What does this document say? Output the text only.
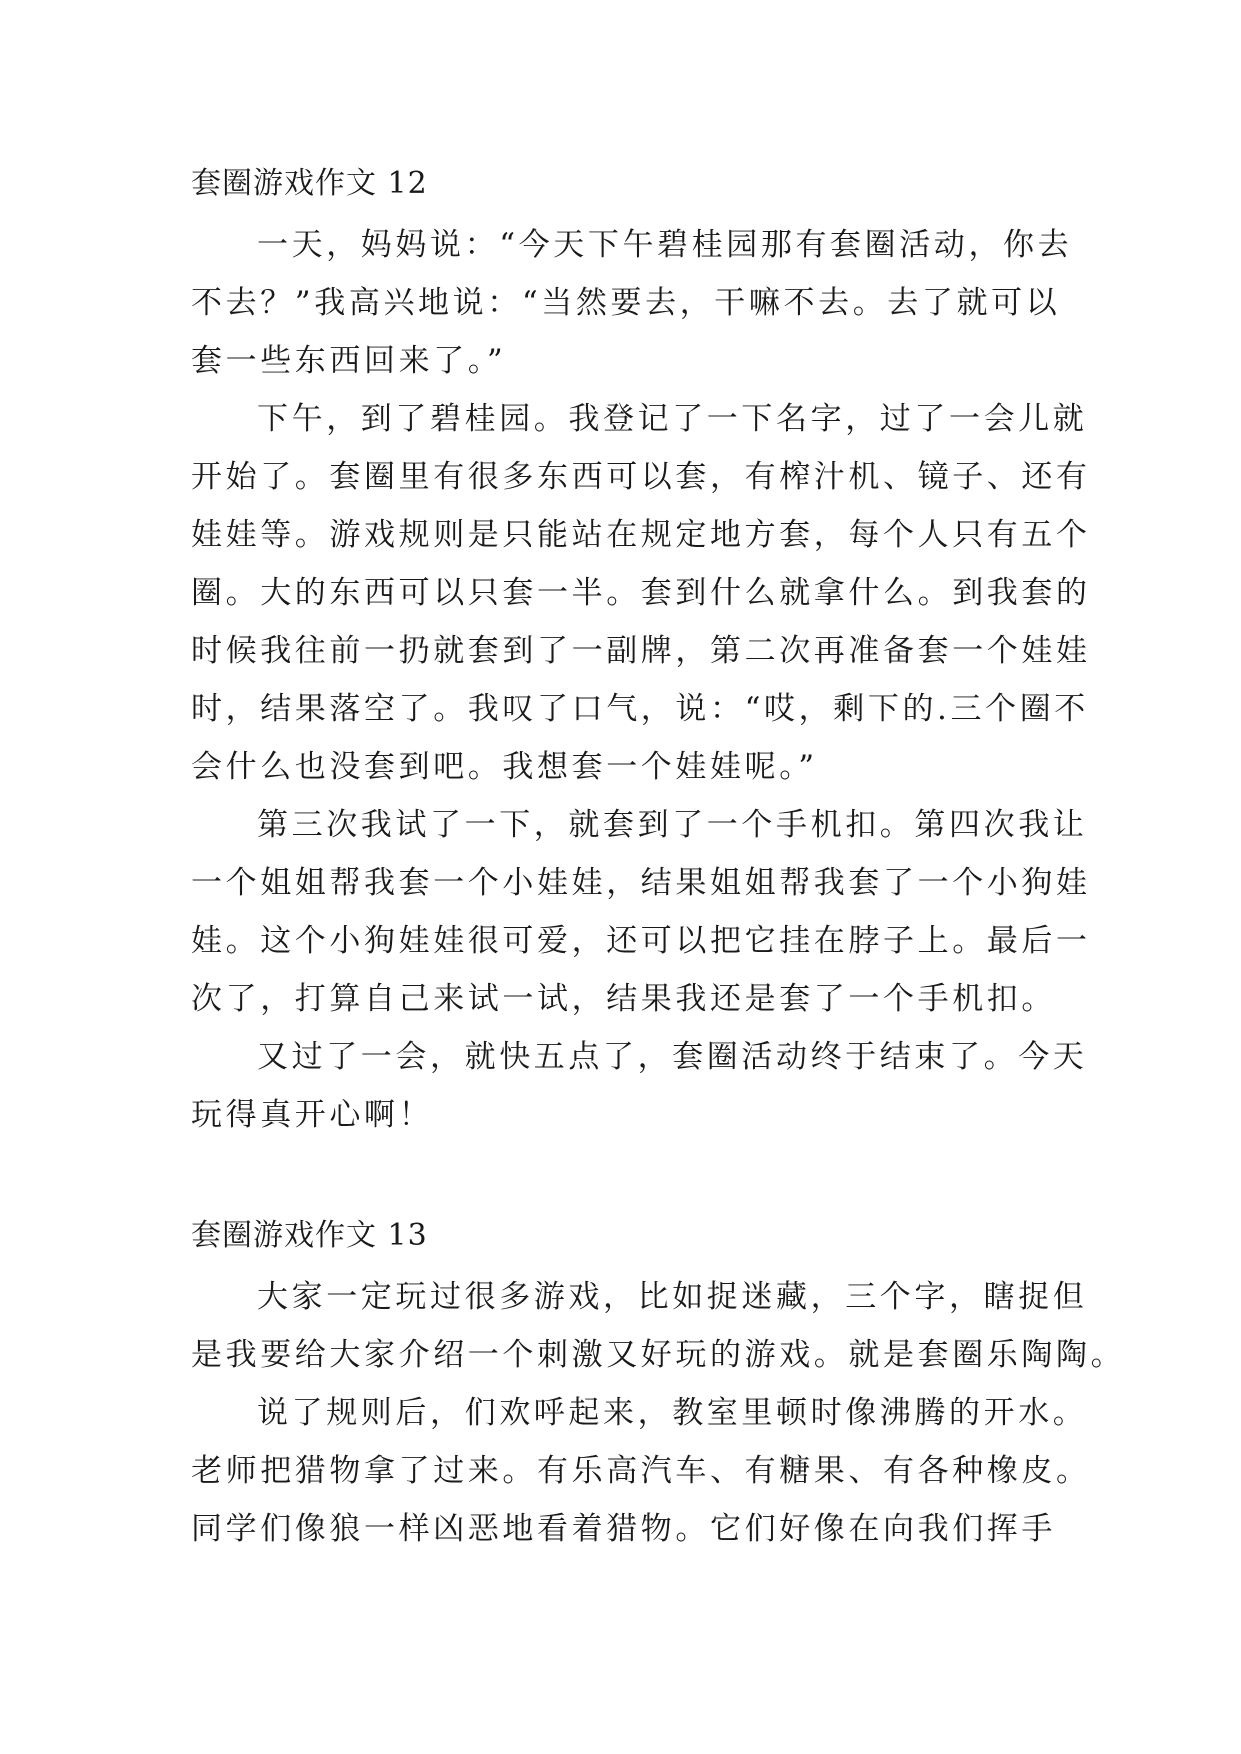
套圈游戏作文 12
一天，妈妈说：“今天下午碧桂园那有套圈活动，你去
不去？”我高兴地说：“当然要去，干嘛不去。去了就可以
套一些东西回来了。”
下午，到了碧桂园。我登记了一下名字，过了一会儿就
开始了。套圈里有很多东西可以套，有榨汁机、镜子、还有
娃娃等。游戏规则是只能站在规定地方套，每个人只有五个
圈。大的东西可以只套一半。套到什么就拿什么。到我套的
时候我往前一扔就套到了一副牌，第二次再准备套一个娃娃
时，结果落空了。我叹了口气，说：“哎，剩下的.三个圈不
会什么也没套到吧。我想套一个娃娃呢。”
第三次我试了一下，就套到了一个手机扣。第四次我让
一个姐姐帮我套一个小娃娃，结果姐姐帮我套了一个小狗娃
娃。这个小狗娃娃很可爱，还可以把它挂在脖子上。最后一
次了，打算自己来试一试，结果我还是套了一个手机扣。
又过了一会，就快五点了，套圈活动终于结束了。今天
玩得真开心啊！
套圈游戏作文 13
大家一定玩过很多游戏，比如捉迷藏，三个字，瞎捉但
是我要给大家介绍一个刺激又好玩的游戏。就是套圈乐陶陶。
说了规则后，们欢呼起来，教室里顿时像沸腾的开水。
老师把猎物拿了过来。有乐高汽车、有糖果、有各种橡皮。
同学们像狼一样凶恶地看着猎物。它们好像在向我们挥手
